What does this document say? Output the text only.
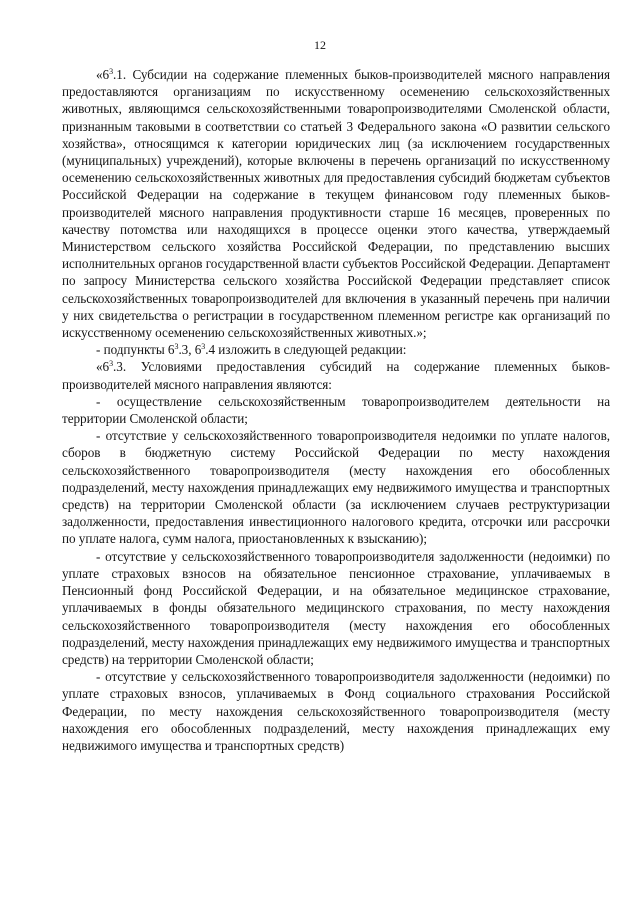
12

«$6^3.1$. Субсидии на содержание племенных быков-производителей мясного направления предоставляются организациям по искусственному осеменению сельскохозяйственных животных, являющимся сельскохозяйственными товаропроизводителями Смоленской области, признанным таковыми в соответствии со статьей 3 Федерального закона «О развитии сельского хозяйства», относящимся к категории юридических лиц (за исключением государственных (муниципальных) учреждений), которые включены в перечень организаций по искусственному осеменению сельскохозяйственных животных для предоставления субсидий бюджетам субъектов Российской Федерации на содержание в текущем финансовом году племенных быков-производителей мясного направления продуктивности старше 16 месяцев, проверенных по качеству потомства или находящихся в процессе оценки этого качества, утверждаемый Министерством сельского хозяйства Российской Федерации, по представлению высших исполнительных органов государственной власти субъектов Российской Федерации. Департамент по запросу Министерства сельского хозяйства Российской Федерации представляет список сельскохозяйственных товаропроизводителей для включения в указанный перечень при наличии у них свидетельства о регистрации в государственном племенном регистре как организаций по искусственному осеменению сельскохозяйственных животных.»;

- подпункты $6^3.3$, $6^3.4$ изложить в следующей редакции:

«$6^3.3$. Условиями предоставления субсидий на содержание племенных быков-производителей мясного направления являются:

- осуществление сельскохозяйственным товаропроизводителем деятельности на территории Смоленской области;

- отсутствие у сельскохозяйственного товаропроизводителя недоимки по уплате налогов, сборов в бюджетную систему Российской Федерации по месту нахождения сельскохозяйственного товаропроизводителя (месту нахождения его обособленных подразделений, месту нахождения принадлежащих ему недвижимого имущества и транспортных средств) на территории Смоленской области (за исключением случаев реструктуризации задолженности, предоставления инвестиционного налогового кредита, отсрочки или рассрочки по уплате налога, сумм налога, приостановленных к взысканию);

- отсутствие у сельскохозяйственного товаропроизводителя задолженности (недоимки) по уплате страховых взносов на обязательное пенсионное страхование, уплачиваемых в Пенсионный фонд Российской Федерации, и на обязательное медицинское страхование, уплачиваемых в фонды обязательного медицинского страхования, по месту нахождения сельскохозяйственного товаропроизводителя (месту нахождения его обособленных подразделений, месту нахождения принадлежащих ему недвижимого имущества и транспортных средств) на территории Смоленской области;

- отсутствие у сельскохозяйственного товаропроизводителя задолженности (недоимки) по уплате страховых взносов, уплачиваемых в Фонд социального страхования Российской Федерации, по месту нахождения сельскохозяйственного товаропроизводителя (месту нахождения его обособленных подразделений, месту нахождения принадлежащих ему недвижимого имущества и транспортных средств)
